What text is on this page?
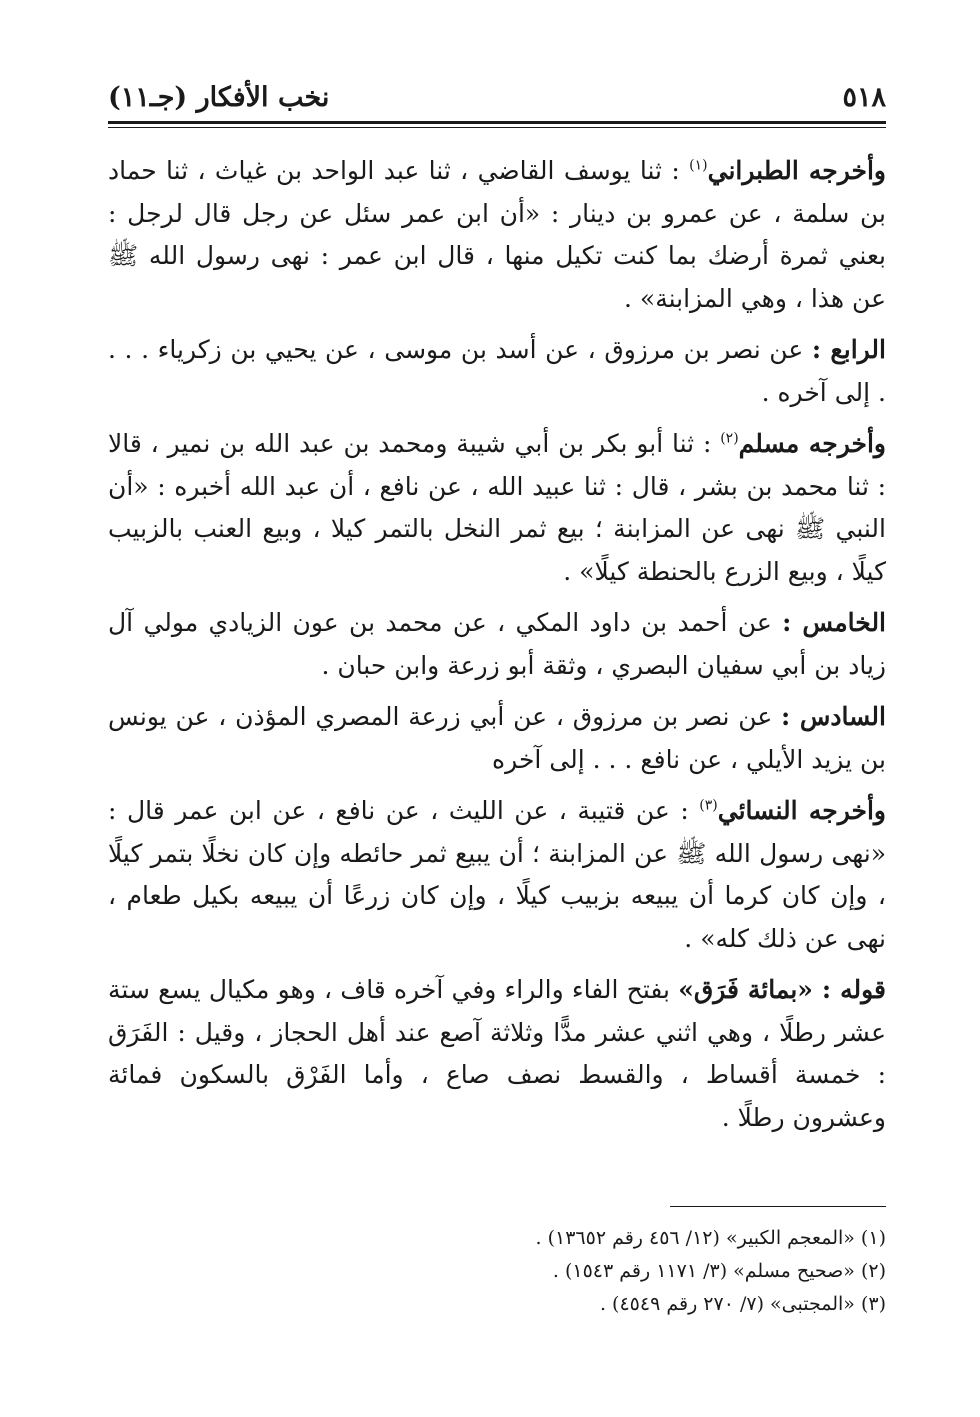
٥١٨
نخب الأفكار (جـ١١)

وأخرجه الطبراني$^{(١)}$ : ثنا يوسف القاضي ، ثنا عبد الواحد بن غياث ، ثنا حماد بن سلمة ، عن عمرو بن دينار : «أن ابن عمر سئل عن رجل قال لرجل : بعني ثمرة أرضك بما كنت تكيل منها ، قال ابن عمر : نهى رسول الله ﷺ عن هذا ، وهي المزابنة» .

الرابع : عن نصر بن مرزوق ، عن أسد بن موسى ، عن يحيي بن زكرياء . . . . إلى آخره .

وأخرجه مسلم$^{(٢)}$ : ثنا أبو بكر بن أبي شيبة ومحمد بن عبد الله بن نمير ، قالا : ثنا محمد بن بشر ، قال : ثنا عبيد الله ، عن نافع ، أن عبد الله أخبره : «أن النبي ﷺ نهى عن المزابنة ؛ بيع ثمر النخل بالتمر كيلا ، وبيع العنب بالزبيب كيلًا ، وبيع الزرع بالحنطة كيلًا» .

الخامس : عن أحمد بن داود المكي ، عن محمد بن عون الزيادي مولي آل زياد بن أبي سفيان البصري ، وثقة أبو زرعة وابن حبان .

السادس : عن نصر بن مرزوق ، عن أبي زرعة المصري المؤذن ، عن يونس بن يزيد الأيلي ، عن نافع . . . إلى آخره

وأخرجه النسائي$^{(٣)}$ : عن قتيبة ، عن الليث ، عن نافع ، عن ابن عمر قال : «نهى رسول الله ﷺ عن المزابنة ؛ أن يبيع ثمر حائطه وإن كان نخلًا بتمر كيلًا ، وإن كان كرما أن يبيعه بزبيب كيلًا ، وإن كان زرعًا أن يبيعه بكيل طعام ، نهى عن ذلك كله» .

قوله : «بمائة فَرَق» بفتح الفاء والراء وفي آخره قاف ، وهو مكيال يسع ستة عشر رطلًا ، وهي اثني عشر مدًّا وثلاثة آصع عند أهل الحجاز ، وقيل : الفَرَق : خمسة أقساط ، والقسط نصف صاع ، وأما الفَرْق بالسكون فمائة وعشرون رطلًا .

(١) «المعجم الكبير» (١٢/ ٤٥٦ رقم ١٣٦٥٢) .

(٢) «صحيح مسلم» (٣/ ١١٧١ رقم ١٥٤٣) .

(٣) «المجتبى» (٧/ ٢٧٠ رقم ٤٥٤٩) .
